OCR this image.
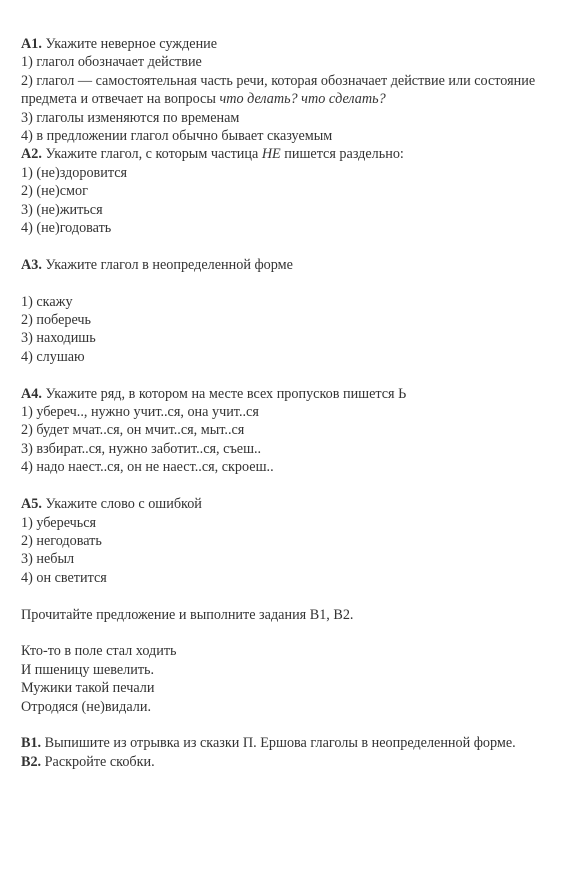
А1. Укажите неверное суждение
1) глагол обозначает действие
2) глагол — самостоятельная часть речи, которая обозначает действие или состояние предмета и отвечает на вопросы что делать? что сделать?
3) глаголы изменяются по временам
4) в предложении глагол обычно бывает сказуемым
А2. Укажите глагол, с которым частица НЕ пишется раздельно:
1) (не)здоровится
2) (не)смог
3) (не)житься
4) (не)годовать
А3. Укажите глагол в неопределенной форме
1) скажу
2) поберечь
3) находишь
4) слушаю
А4. Укажите ряд, в котором на месте всех пропусков пишется Ь
1) убереч.., нужно учит..ся, она учит..ся
2) будет мчат..ся, он мчит..ся, мыт..ся
3) взбират..ся, нужно заботит..ся, съеш..
4) надо наест..ся, он не наест..ся, скроеш..
А5. Укажите слово с ошибкой
1) уберечься
2) негодовать
3) небыл
4) он светится
Прочитайте предложение и выполните задания В1, В2.
Кто-то в поле стал ходить
И пшеницу шевелить.
Мужики такой печали
Отродяся (не)видали.
В1. Выпишите из отрывка из сказки П. Ершова глаголы в неопределенной форме.
В2. Раскройте скобки.
